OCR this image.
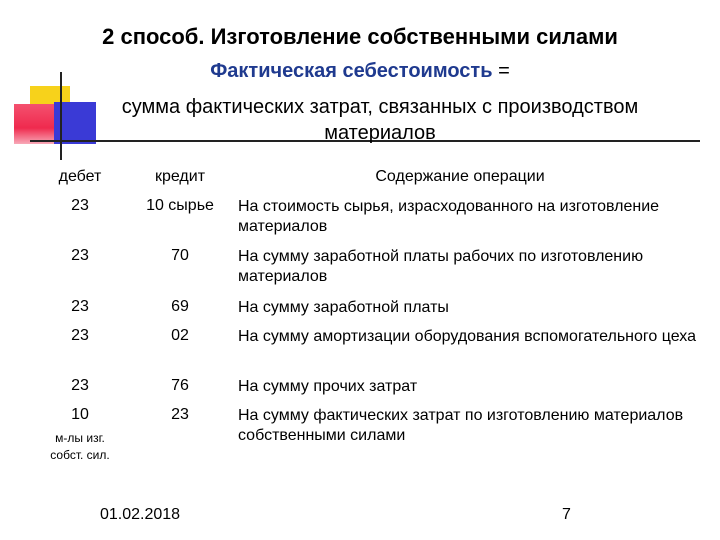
2 способ. Изготовление собственными силами
Фактическая себестоимость =
сумма фактических затрат, связанных с производством
материалов
дебет	кредит	Содержание операции
23	10 сырье	На стоимость сырья, израсходованного на изготовление материалов
23	70	На сумму заработной платы рабочих по изготовлению материалов
23	69	На сумму заработной платы
23	02	На сумму амортизации оборудования вспомогательного цеха
23	76	На сумму прочих затрат
10	23	На сумму фактических затрат по изготовлению материалов собственными силами
м-лы изг.
собст. сил.
01.02.2018	7
